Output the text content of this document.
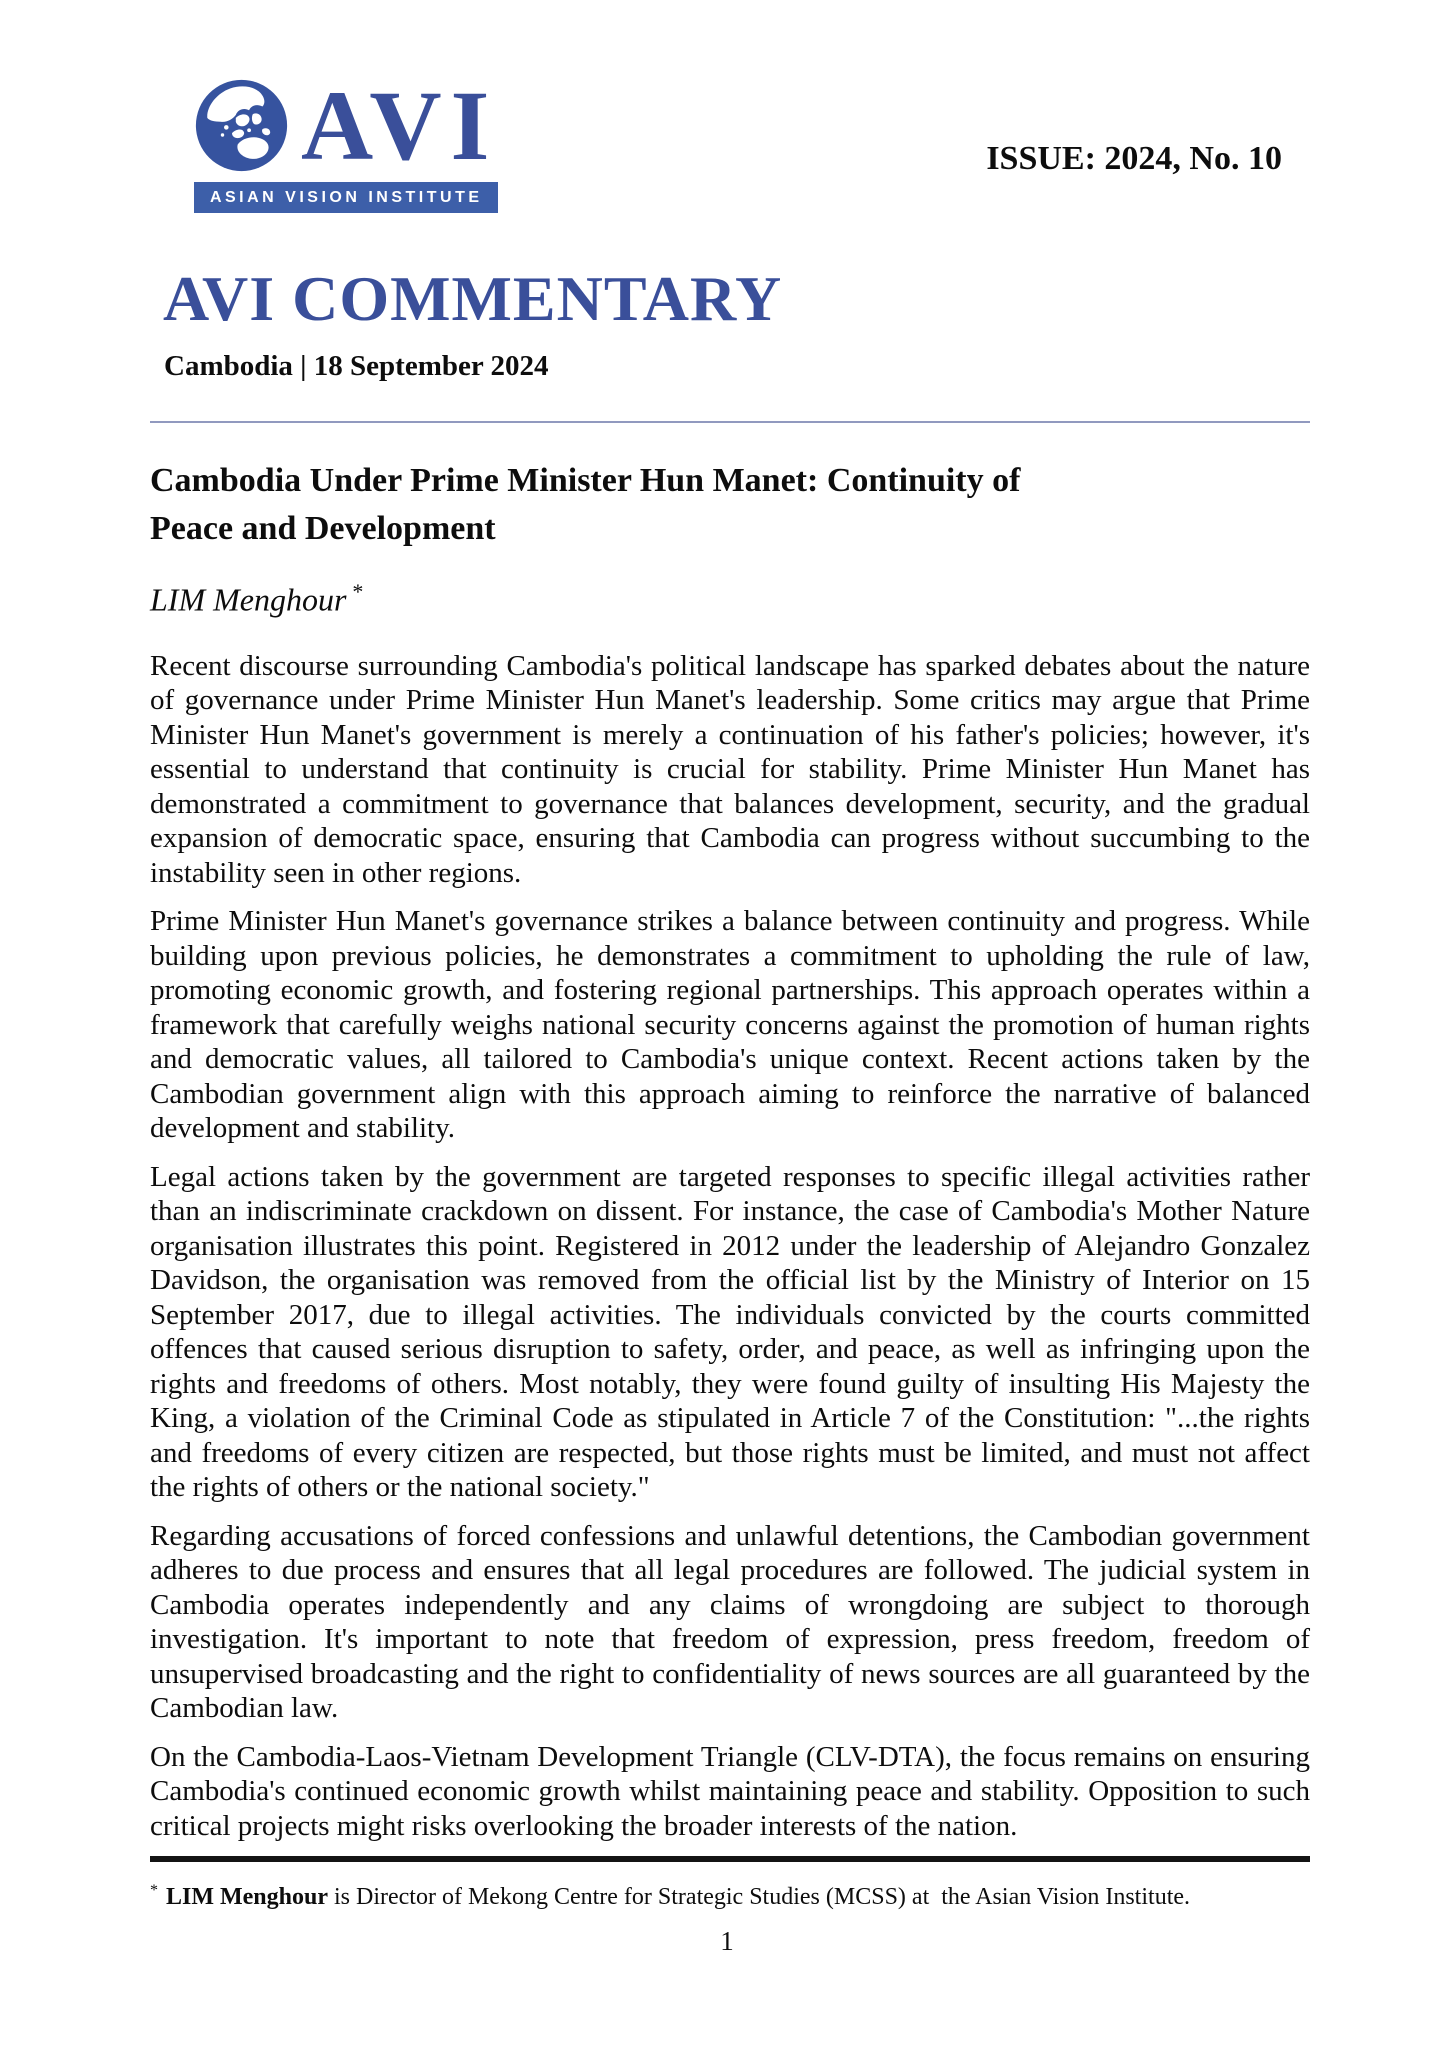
AVI
ASIAN VISION INSTITUTE
ISSUE: 2024, No. 10
AVI COMMENTARY
Cambodia | 18 September 2024
Cambodia Under Prime Minister Hun Manet: Continuity of
Peace and Development
LIM Menghour *

Recent discourse surrounding Cambodia's political landscape has sparked debates about the nature of governance under Prime Minister Hun Manet's leadership. Some critics may argue that Prime Minister Hun Manet's government is merely a continuation of his father's policies; however, it's essential to understand that continuity is crucial for stability. Prime Minister Hun Manet has demonstrated a commitment to governance that balances development, security, and the gradual expansion of democratic space, ensuring that Cambodia can progress without succumbing to the instability seen in other regions.

Prime Minister Hun Manet's governance strikes a balance between continuity and progress. While building upon previous policies, he demonstrates a commitment to upholding the rule of law, promoting economic growth, and fostering regional partnerships. This approach operates within a framework that carefully weighs national security concerns against the promotion of human rights and democratic values, all tailored to Cambodia's unique context. Recent actions taken by the Cambodian government align with this approach aiming to reinforce the narrative of balanced development and stability.

Legal actions taken by the government are targeted responses to specific illegal activities rather than an indiscriminate crackdown on dissent. For instance, the case of Cambodia's Mother Nature organisation illustrates this point. Registered in 2012 under the leadership of Alejandro Gonzalez Davidson, the organisation was removed from the official list by the Ministry of Interior on 15 September 2017, due to illegal activities. The individuals convicted by the courts committed offences that caused serious disruption to safety, order, and peace, as well as infringing upon the rights and freedoms of others. Most notably, they were found guilty of insulting His Majesty the King, a violation of the Criminal Code as stipulated in Article 7 of the Constitution: "...the rights and freedoms of every citizen are respected, but those rights must be limited, and must not affect the rights of others or the national society."

Regarding accusations of forced confessions and unlawful detentions, the Cambodian government adheres to due process and ensures that all legal procedures are followed. The judicial system in Cambodia operates independently and any claims of wrongdoing are subject to thorough investigation. It's important to note that freedom of expression, press freedom, freedom of unsupervised broadcasting and the right to confidentiality of news sources are all guaranteed by the Cambodian law.

On the Cambodia-Laos-Vietnam Development Triangle (CLV-DTA), the focus remains on ensuring Cambodia's continued economic growth whilst maintaining peace and stability. Opposition to such critical projects might risks overlooking the broader interests of the nation.

* LIM Menghour is Director of Mekong Centre for Strategic Studies (MCSS) at  the Asian Vision Institute.
1
